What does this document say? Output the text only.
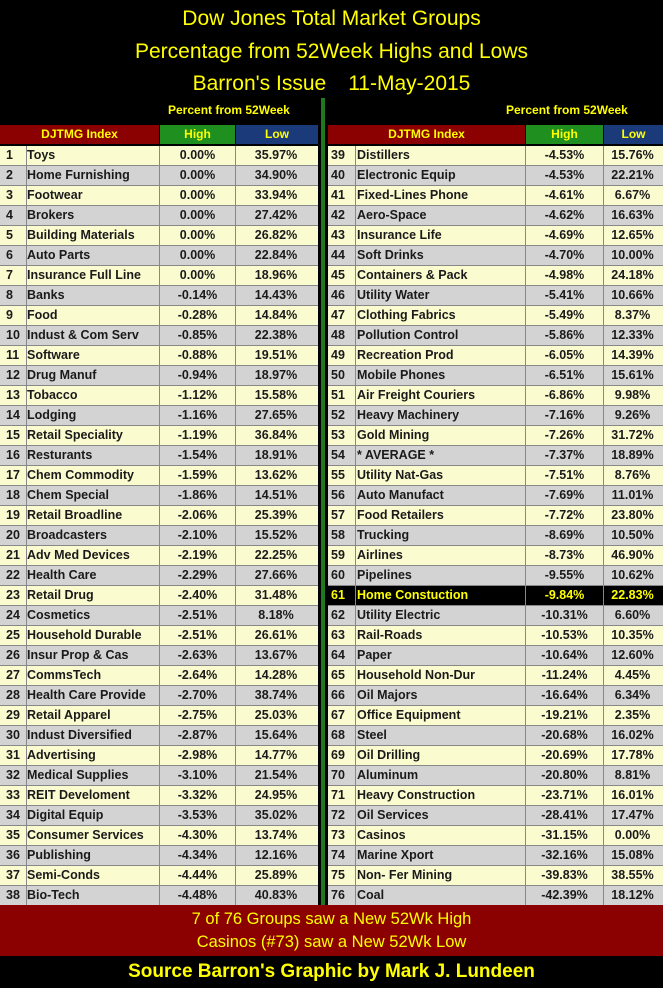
Dow Jones Total Market Groups
Percentage from 52Week Highs and Lows
Barron's Issue 11-May-2015
Percent from 52Week
DJTMG Index	High	Low
1	Toys	0.00%	35.97%
2	Home Furnishing	0.00%	34.90%
3	Footwear	0.00%	33.94%
4	Brokers	0.00%	27.42%
5	Building Materials	0.00%	26.82%
6	Auto Parts	0.00%	22.84%
7	Insurance Full Line	0.00%	18.96%
8	Banks	-0.14%	14.43%
9	Food	-0.28%	14.84%
10 Indust & Com Serv	-0.85%	22.38%
11 Software	-0.88%	19.51%
12 Drug Manuf	-0.94%	18.97%
13 Tobacco	-1.12%	15.58%
14 Lodging	-1.16%	27.65%
15 Retail Speciality	-1.19%	36.84%
16 Resturants	-1.54%	18.91%
17 Chem Commodity	-1.59%	13.62%
18 Chem Special	-1.86%	14.51%
19 Retail Broadline	-2.06%	25.39%
20 Broadcasters	-2.10%	15.52%
21 Adv Med Devices	-2.19%	22.25%
22 Health Care	-2.29%	27.66%
23 Retail Drug	-2.40%	31.48%
24 Cosmetics	-2.51%	8.18%
25 Household Durable	-2.51%	26.61%
26 Insur Prop & Cas	-2.63%	13.67%
27 CommsTech	-2.64%	14.28%
28 Health Care Provide	-2.70%	38.74%
29 Retail Apparel	-2.75%	25.03%
30 Indust Diversified	-2.87%	15.64%
31 Advertising	-2.98%	14.77%
32 Medical Supplies	-3.10%	21.54%
33 REIT Develoment	-3.32%	24.95%
34 Digital Equip	-3.53%	35.02%
35 Consumer Services	-4.30%	13.74%
36 Publishing	-4.34%	12.16%
37 Semi-Conds	-4.44%	25.89%
38 Bio-Tech	-4.48%	40.83%
Percent from 52Week
DJTMG Index	High	Low
39 Distillers	-4.53%	15.76%
40 Electronic Equip	-4.53%	22.21%
41 Fixed-Lines Phone	-4.61%	6.67%
42 Aero-Space	-4.62%	16.63%
43 Insurance Life	-4.69%	12.65%
44 Soft Drinks	-4.70%	10.00%
45 Containers & Pack	-4.98%	24.18%
46 Utility Water	-5.41%	10.66%
47 Clothing Fabrics	-5.49%	8.37%
48 Pollution Control	-5.86%	12.33%
49 Recreation Prod	-6.05%	14.39%
50 Mobile Phones	-6.51%	15.61%
51 Air Freight Couriers	-6.86%	9.98%
52 Heavy Machinery	-7.16%	9.26%
53 Gold Mining	-7.26%	31.72%
54 * AVERAGE *	-7.37%	18.89%
55 Utility Nat-Gas	-7.51%	8.76%
56 Auto Manufact	-7.69%	11.01%
57 Food Retailers	-7.72%	23.80%
58 Trucking	-8.69%	10.50%
59 Airlines	-8.73%	46.90%
60 Pipelines	-9.55%	10.62%
61 Home Constuction	-9.84%	22.83%
62 Utility Electric	-10.31%	6.60%
63 Rail-Roads	-10.53%	10.35%
64 Paper	-10.64%	12.60%
65 Household Non-Dur	-11.24%	4.45%
66 Oil Majors	-16.64%	6.34%
67 Office Equipment	-19.21%	2.35%
68 Steel	-20.68%	16.02%
69 Oil Drilling	-20.69%	17.78%
70 Aluminum	-20.80%	8.81%
71 Heavy Construction	-23.71%	16.01%
72 Oil Services	-28.41%	17.47%
73 Casinos	-31.15%	0.00%
74 Marine Xport	-32.16%	15.08%
75 Non- Fer Mining	-39.83%	38.55%
76 Coal	-42.39%	18.12%
7 of 76 Groups saw a New 52Wk High
Casinos (#73) saw a New 52Wk Low
Source Barron's Graphic by Mark J. Lundeen
